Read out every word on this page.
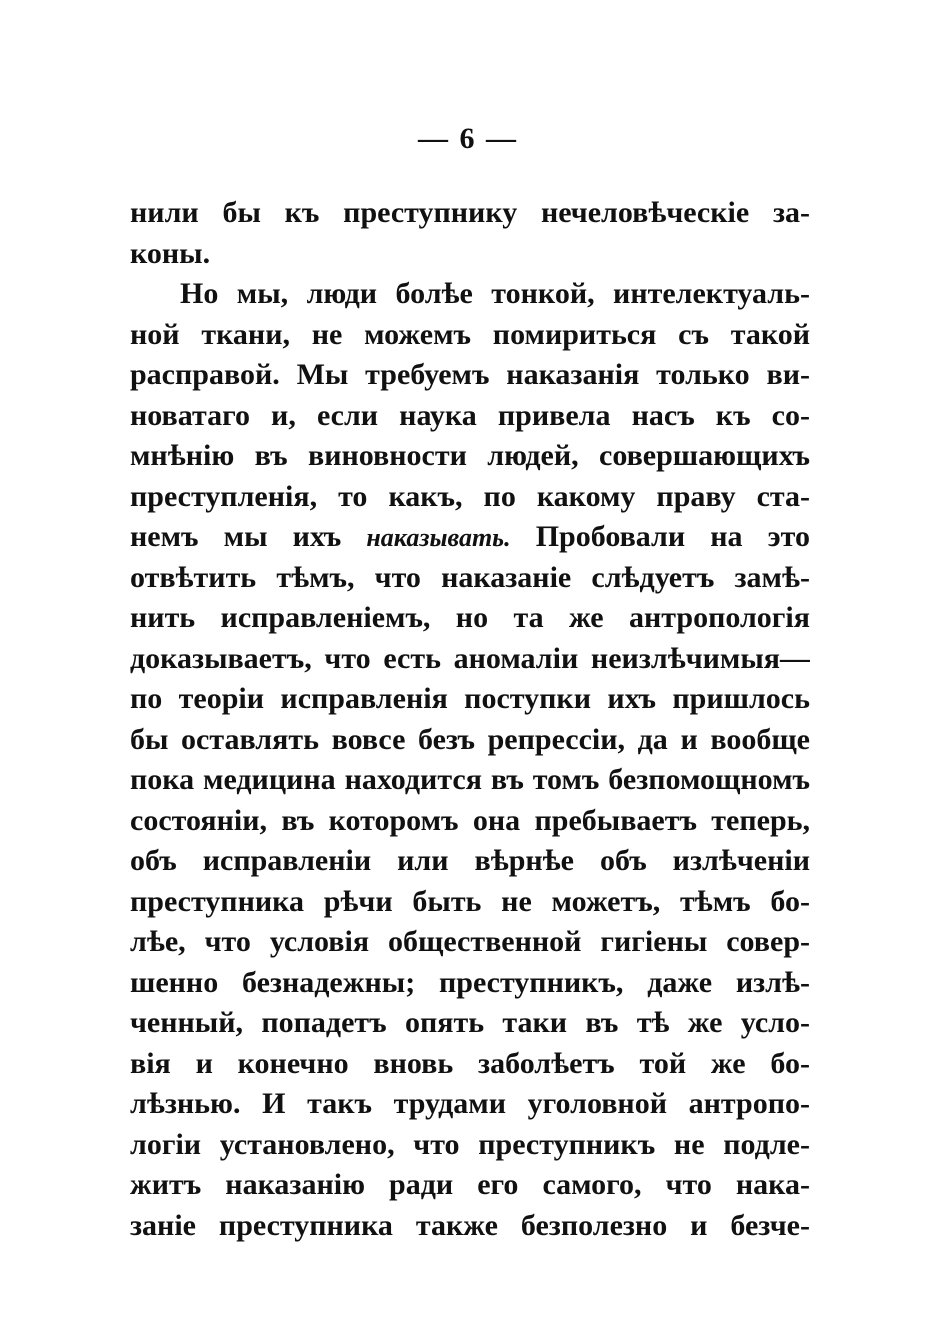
— 6 —
нили бы къ преступнику нечеловѣческіе за-
коны.
Но мы, люди болѣе тонкой, интелектуаль-
ной ткани, не можемъ помириться съ такой
расправой. Мы требуемъ наказанія только ви-
новатаго и, если наука привела насъ къ со-
мнѣнію въ виновности людей, совершающихъ
преступленія, то какъ, по какому праву ста-
немъ мы ихъ наказывать. Пробовали на это
отвѣтить тѣмъ, что наказаніе слѣдуетъ замѣ-
нить исправленіемъ, но та же антропологія
доказываетъ, что есть аномаліи неизлѣчимыя—
по теоріи исправленія поступки ихъ пришлось
бы оставлять вовсе безъ репрессіи, да и вообще
пока медицина находится въ томъ безпомощномъ
состояніи, въ которомъ она пребываетъ теперь,
объ исправленіи или вѣрнѣе объ излѣченіи
преступника рѣчи быть не можетъ, тѣмъ бо-
лѣе, что условія общественной гигіены совер-
шенно безнадежны; преступникъ, даже излѣ-
ченный, попадетъ опять таки въ тѣ же усло-
вія и конечно вновь заболѣетъ той же бо-
лѣзнью. И такъ трудами уголовной антропо-
логіи установлено, что преступникъ не подле-
житъ наказанію ради его самого, что нака-
заніе преступника также безполезно и безче-
